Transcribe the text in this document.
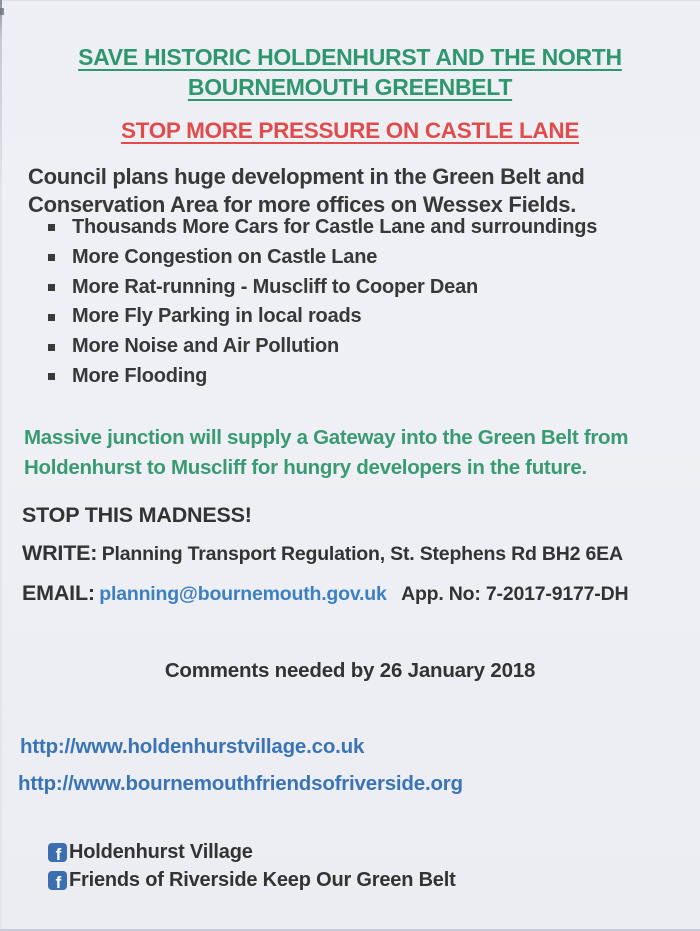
SAVE HISTORIC HOLDENHURST AND THE NORTH
BOURNEMOUTH GREENBELT
STOP MORE PRESSURE ON CASTLE LANE

Council plans huge development in the Green Belt and Conservation Area for more offices on Wessex Fields.

Thousands More Cars for Castle Lane and surroundings
More Congestion on Castle Lane
More Rat-running - Muscliff to Cooper Dean
More Fly Parking in local roads
More Noise and Air Pollution
More Flooding

Massive junction will supply a Gateway into the Green Belt from Holdenhurst to Muscliff for hungry developers in the future.

STOP THIS MADNESS!
WRITE: Planning Transport Regulation, St. Stephens Rd BH2 6EA
EMAIL: planning@bournemouth.gov.uk App. No: 7-2017-9177-DH
Comments needed by 26 January 2018
http://www.holdenhurstvillage.co.uk
http://www.bournemouthfriendsofriverside.org
f Holdenhurst Village
f Friends of Riverside Keep Our Green Belt
